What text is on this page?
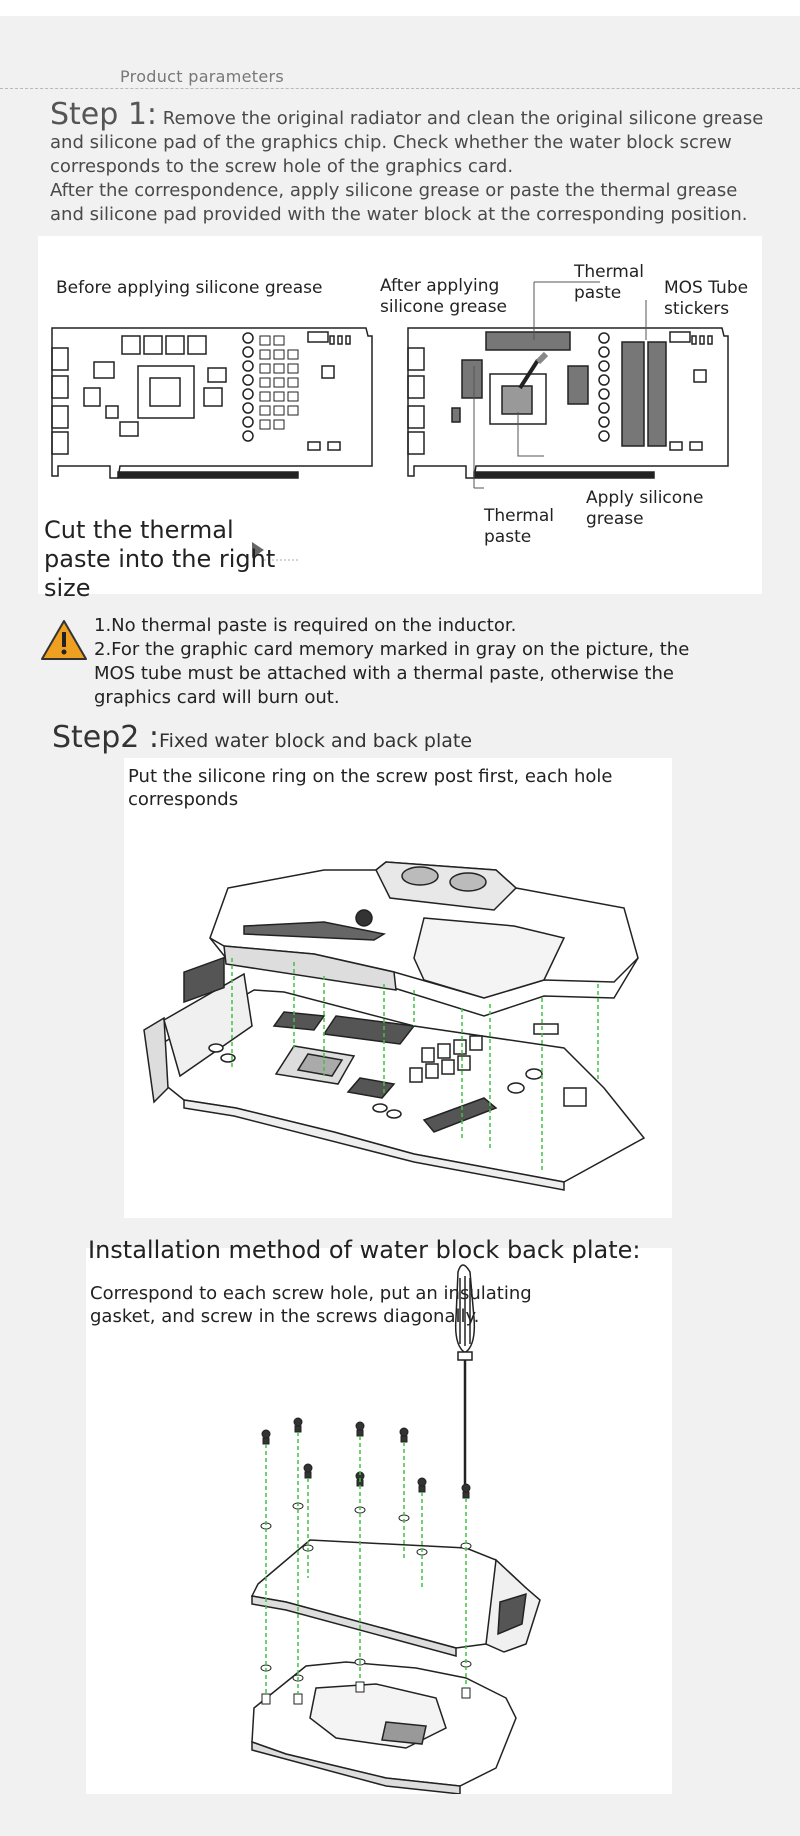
Product parameters

Step 1: Remove the original radiator and clean the original silicone grease and silicone pad of the graphics chip. Check whether the water block screw corresponds to the screw hole of the graphics card.

After the correspondence, apply silicone grease or paste the thermal grease and silicone pad provided with the water block at the corresponding position.

Before applying silicone grease	After applying silicone grease
Thermal paste	MOS Tube stickers
Thermal paste
Apply silicone grease
Cut the thermal paste into the right size

1.No thermal paste is required on the inductor.

2.For the graphic card memory marked in gray on the picture, the MOS tube must be attached with a thermal paste, otherwise the graphics card will burn out.

Step2 :Fixed water block and back plate
Put the silicone ring on the screw post first, each hole corresponds
Installation method of water block back plate:
Correspond to each screw hole, put an insulating gasket, and screw in the screws diagonally.
